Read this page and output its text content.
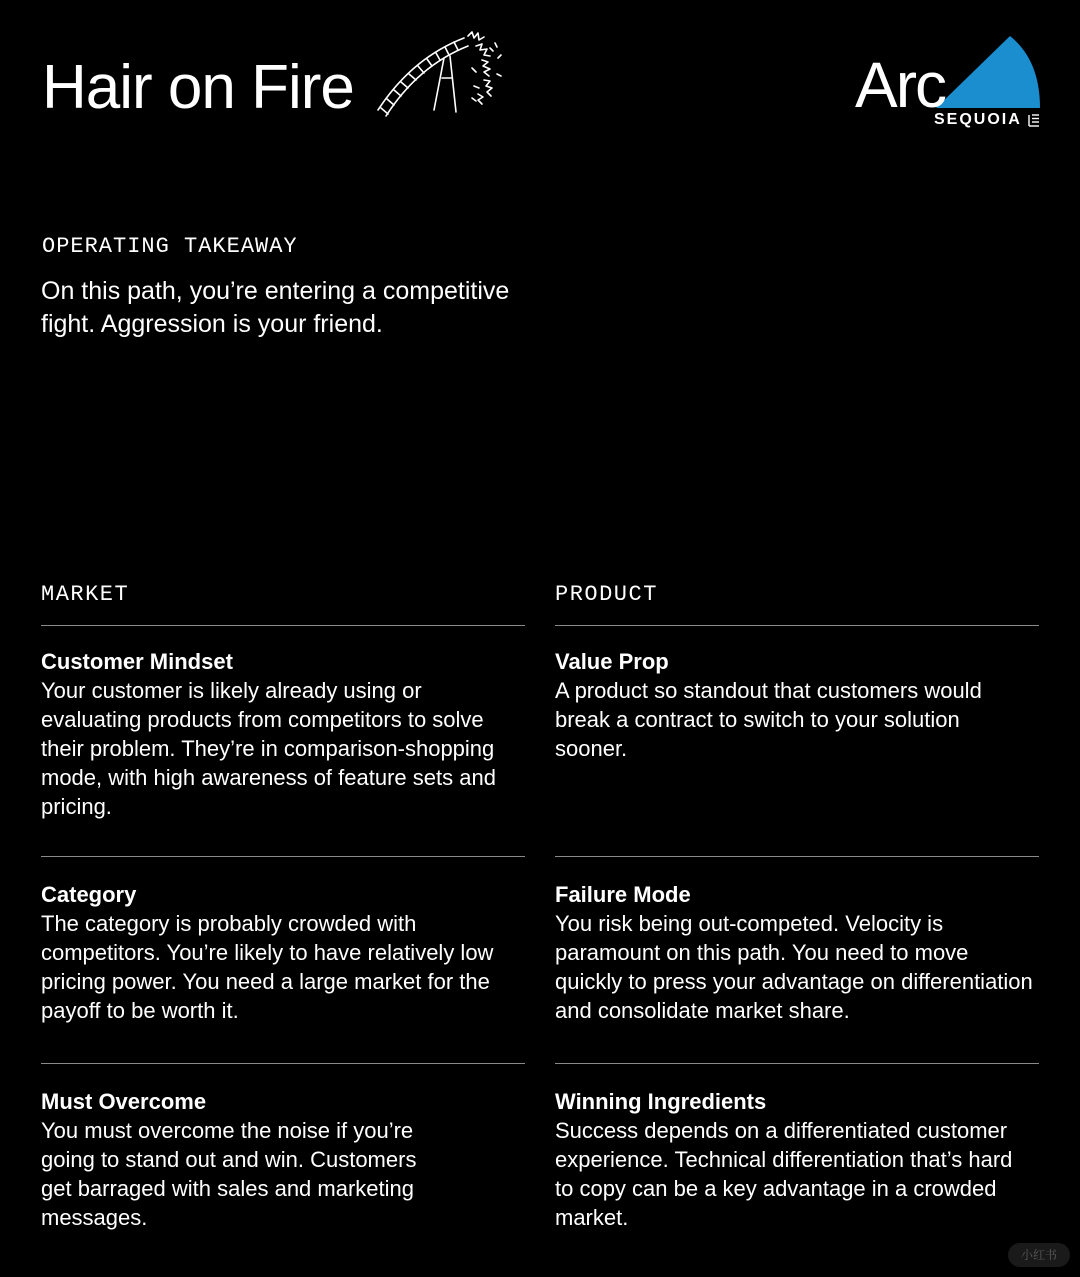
Hair on Fire	Arc
SEQUOIA
OPERATING TAKEAWAY
On this path, you’re entering a competitive fight. Aggression is your friend.
MARKET
Customer Mindset
Your customer is likely already using or evaluating products from competitors to solve their problem. They’re in comparison-shopping mode, with high awareness of feature sets and pricing.
Category
The category is probably crowded with competitors. You’re likely to have relatively low pricing power. You need a large market for the payoff to be worth it.
Must Overcome
You must overcome the noise if you’re going to stand out and win. Customers get barraged with sales and marketing messages.
PRODUCT
Value Prop
A product so standout that customers would break a contract to switch to your solution sooner.
Failure Mode
You risk being out-competed. Velocity is paramount on this path. You need to move quickly to press your advantage on differentiation and consolidate market share.
Winning Ingredients
Success depends on a differentiated customer experience. Technical differentiation that’s hard to copy can be a key advantage in a crowded market.
小红书
